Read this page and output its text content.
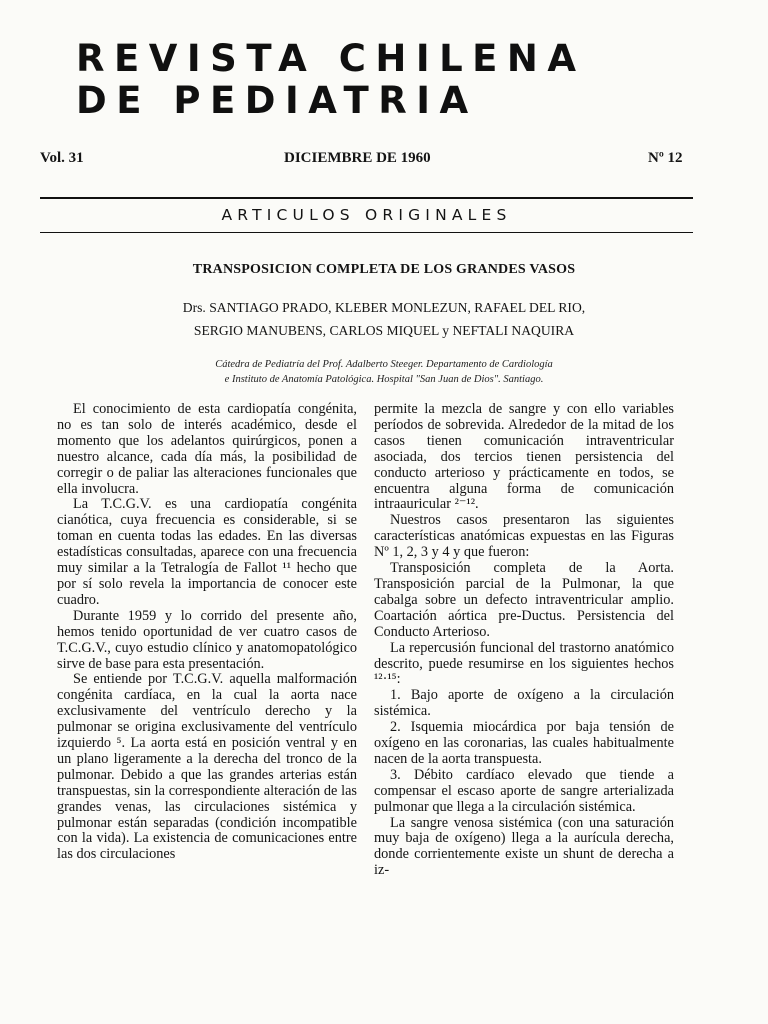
REVISTA CHILENA
DE PEDIATRIA
Vol. 31	DICIEMBRE DE 1960	Nº 12
ARTICULOS ORIGINALES
TRANSPOSICION COMPLETA DE LOS GRANDES VASOS
Drs. SANTIAGO PRADO, KLEBER MONLEZUN, RAFAEL DEL RIO,
SERGIO MANUBENS, CARLOS MIQUEL y NEFTALI NAQUIRA
Cátedra de Pediatría del Prof. Adalberto Steeger. Departamento de Cardiología
e Instituto de Anatomía Patológica. Hospital "San Juan de Dios". Santiago.

El conocimiento de esta cardiopatía congénita, no es tan solo de interés académico, desde el momento que los adelantos quirúrgicos, ponen a nuestro alcance, cada día más, la posibilidad de corregir o de paliar las alteraciones funcionales que ella involucra.

La T.C.G.V. es una cardiopatía congénita cianótica, cuya frecuencia es considerable, si se toman en cuenta todas las edades. En las diversas estadísticas consultadas, aparece con una frecuencia muy similar a la Tetralogía de Fallot ¹¹ hecho que por sí solo revela la importancia de conocer este cuadro.

Durante 1959 y lo corrido del presente año, hemos tenido oportunidad de ver cuatro casos de T.C.G.V., cuyo estudio clínico y anatomopatológico sirve de base para esta presentación.

Se entiende por T.C.G.V. aquella malformación congénita cardíaca, en la cual la aorta nace exclusivamente del ventrículo derecho y la pulmonar se origina exclusivamente del ventrículo izquierdo ⁵. La aorta está en posición ventral y en un plano ligeramente a la derecha del tronco de la pulmonar. Debido a que las grandes arterias están transpuestas, sin la correspondiente alteración de las grandes venas, las circulaciones sistémica y pulmonar están separadas (condición incompatible con la vida). La existencia de comunicaciones entre las dos circulaciones

permite la mezcla de sangre y con ello variables períodos de sobrevida. Alrededor de la mitad de los casos tienen comunicación intraventricular asociada, dos tercios tienen persistencia del conducto arterioso y prácticamente en todos, se encuentra alguna forma de comunicación intraauricular ²⁻¹².

Nuestros casos presentaron las siguientes características anatómicas expuestas en las Figuras Nº 1, 2, 3 y 4 y que fueron:

Transposición completa de la Aorta. Transposición parcial de la Pulmonar, la que cabalga sobre un defecto intraventricular amplio. Coartación aórtica pre-Ductus. Persistencia del Conducto Arterioso.

La repercusión funcional del trastorno anatómico descrito, puede resumirse en los siguientes hechos ¹²·¹⁵:

1. Bajo aporte de oxígeno a la circulación sistémica.

2. Isquemia miocárdica por baja tensión de oxígeno en las coronarias, las cuales habitualmente nacen de la aorta transpuesta.

3. Débito cardíaco elevado que tiende a compensar el escaso aporte de sangre arterializada pulmonar que llega a la circulación sistémica.

La sangre venosa sistémica (con una saturación muy baja de oxígeno) llega a la aurícula derecha, donde corrientemente existe un shunt de derecha a iz-
